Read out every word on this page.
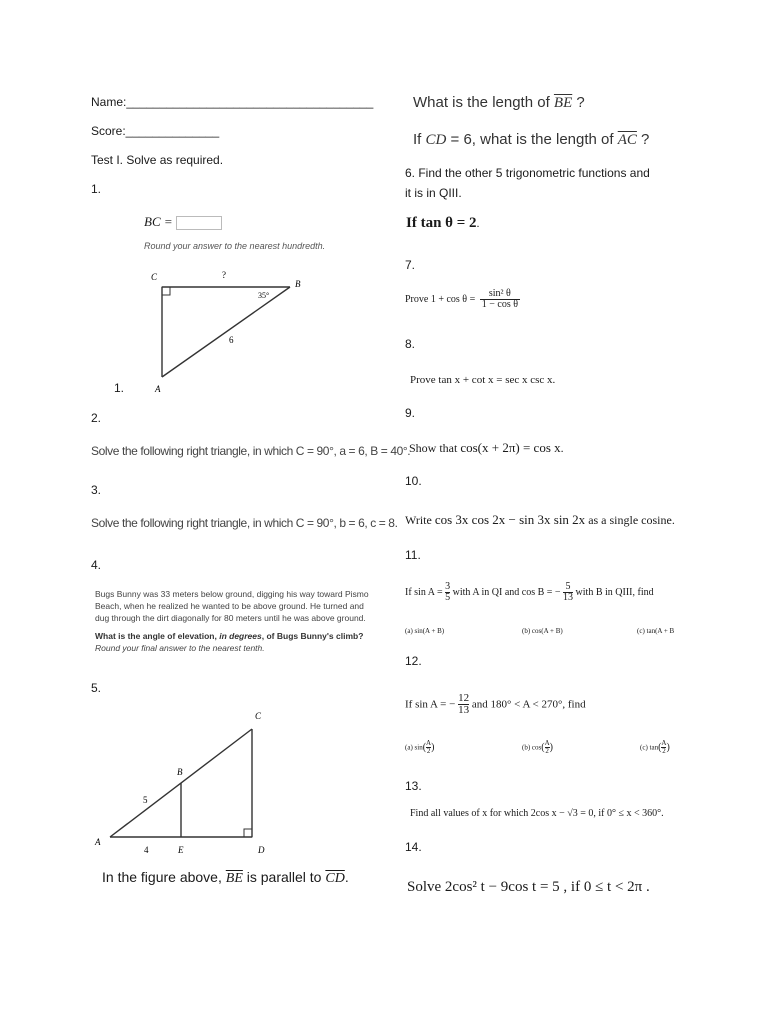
Name:_____________________________________
Score:______________
Test I. Solve as required.
1.
BC =
Round your answer to the nearest hundredth.
C
B
A
?
35°
6
1.
2.
Solve the following right triangle, in which C = 90°, a = 6, B = 40°.
3.
Solve the following right triangle, in which C = 90°, b = 6, c = 8.
4.
Bugs Bunny was 33 meters below ground, digging his way toward Pismo
Beach, when he realized he wanted to be above ground. He turned and
dug through the dirt diagonally for 80 meters until he was above ground.
What is the angle of elevation, in degrees, of Bugs Bunny's climb?
Round your final answer to the nearest tenth.
5.
A
B
C
D
E
5
4
In the figure above, $\overline{BE}$ is parallel to $\overline{CD}$.
What is the length of $\overline{BE}$ ?
If CD = 6, what is the length of $\overline{AC}$ ?
6. Find the other 5 trigonometric functions and
it is in QIII.
If tan θ = 2.
7.
Prove $1 + \cos \theta = \frac{\text{sin² θ}}{\text{1 − cos θ}}$
8.
Prove tan x + cot x = sec x csc x.
9.
Show that cos(x + 2π) = cos x.
10.
Write cos 3x cos 2x − sin 3x sin 2x as a single cosine.
11.
If $\sin A = \frac{3}{5}$ with A in QI and cos B = − $\frac{5}{13}$ with B in QIII, find
(a) sin(A + B)	(b) cos(A + B)	(c) tan(A + B
12.
If sin A = − $\frac{12}{13}$ and 180° < A < 270°, find
(a) $\sin( \frac{A}{2}$ )	(b) $\cos( \frac{A}{2}$ )	(c) $\tan( \frac{A}{2}$ )
13.
Find all values of x for which 2cos x − √3 = 0, if 0° ≤ x < 360°.
14.
Solve 2cos² t − 9cos t = 5 , if 0 ≤ t < 2π .
